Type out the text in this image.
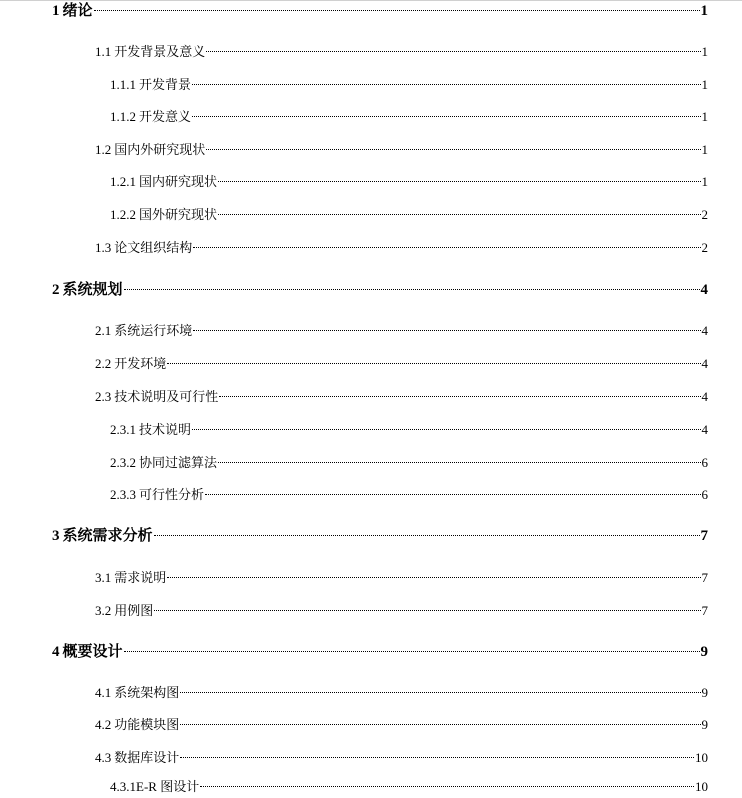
1 绪论	1
1.1 开发背景及意义	1
1.1.1 开发背景	1
1.1.2 开发意义	1
1.2 国内外研究现状	1
1.2.1 国内研究现状	1
1.2.2 国外研究现状	2
1.3 论文组织结构	2
2 系统规划	4
2.1 系统运行环境	4
2.2 开发环境	4
2.3 技术说明及可行性	4
2.3.1 技术说明	4
2.3.2 协同过滤算法	6
2.3.3 可行性分析	6
3 系统需求分析	7
3.1 需求说明	7
3.2 用例图	7
4 概要设计	9
4.1 系统架构图	9
4.2 功能模块图	9
4.3 数据库设计	10
4.3.1 E-R 图设计	10
